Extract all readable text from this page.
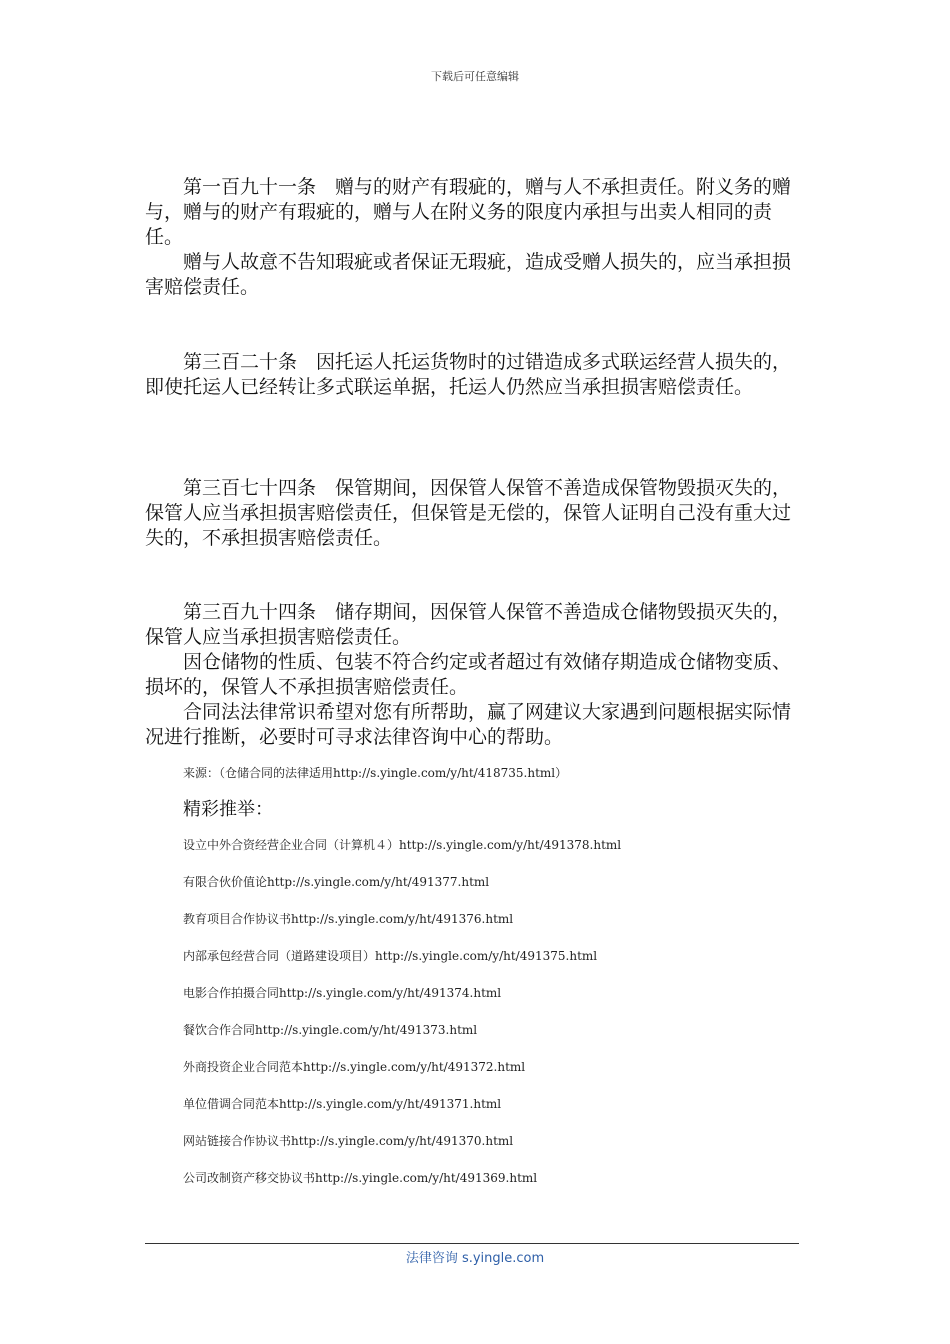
下载后可任意编辑

第一百九十一条　赠与的财产有瑕疵的，赠与人不承担责任。附义务的赠与，赠与的财产有瑕疵的，赠与人在附义务的限度内承担与出卖人相同的责任。

赠与人故意不告知瑕疵或者保证无瑕疵，造成受赠人损失的，应当承担损害赔偿责任。

第三百二十条　因托运人托运货物时的过错造成多式联运经营人损失的，即使托运人已经转让多式联运单据，托运人仍然应当承担损害赔偿责任。

第三百七十四条　保管期间，因保管人保管不善造成保管物毁损灭失的，保管人应当承担损害赔偿责任，但保管是无偿的，保管人证明自己没有重大过失的，不承担损害赔偿责任。

第三百九十四条　储存期间，因保管人保管不善造成仓储物毁损灭失的，保管人应当承担损害赔偿责任。

因仓储物的性质、包装不符合约定或者超过有效储存期造成仓储物变质、损坏的，保管人不承担损害赔偿责任。

合同法法律常识希望对您有所帮助，赢了网建议大家遇到问题根据实际情况进行推断，必要时可寻求法律咨询中心的帮助。

来源：（仓储合同的法律适用http://s.yingle.com/y/ht/418735.html）
精彩推举：
设立中外合资经营企业合同（计算机４）http://s.yingle.com/y/ht/491378.html
有限合伙价值论http://s.yingle.com/y/ht/491377.html
教育项目合作协议书http://s.yingle.com/y/ht/491376.html
内部承包经营合同（道路建设项目）http://s.yingle.com/y/ht/491375.html
电影合作拍摄合同http://s.yingle.com/y/ht/491374.html
餐饮合作合同http://s.yingle.com/y/ht/491373.html
外商投资企业合同范本http://s.yingle.com/y/ht/491372.html
单位借调合同范本http://s.yingle.com/y/ht/491371.html
网站链接合作协议书http://s.yingle.com/y/ht/491370.html
公司改制资产移交协议书http://s.yingle.com/y/ht/491369.html
法律咨询 s.yingle.com
